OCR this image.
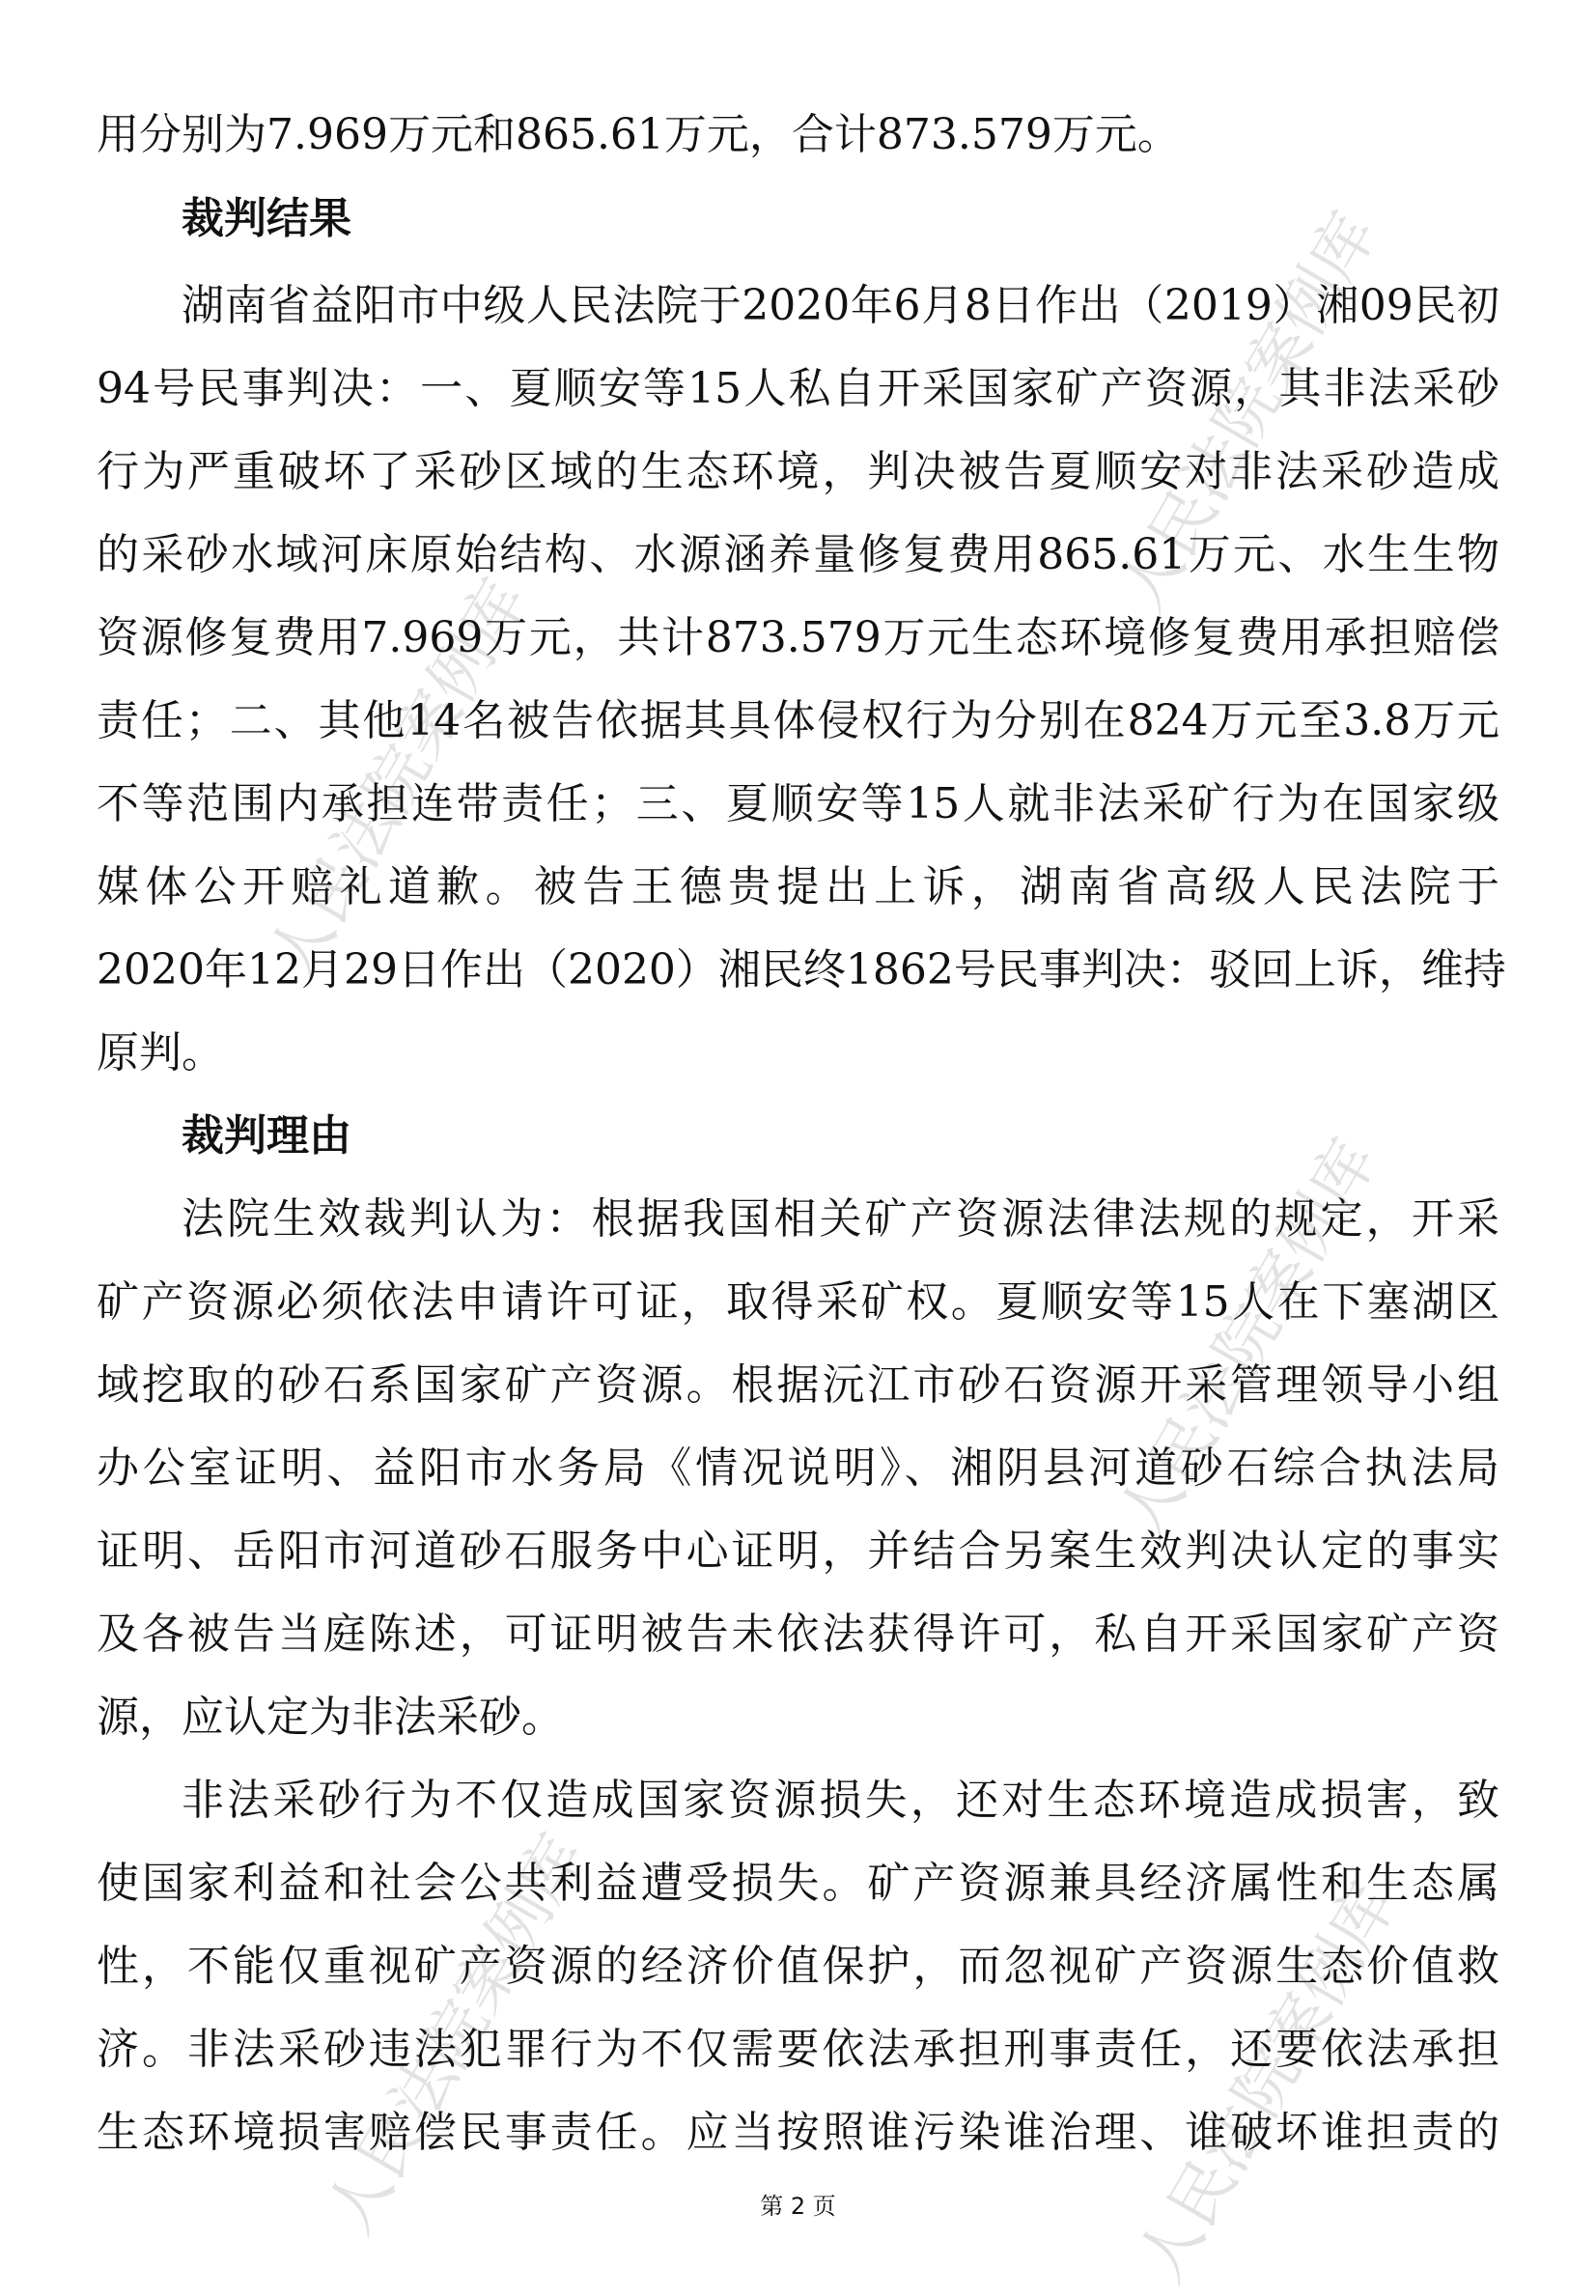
人民法院案例库
人民法院案例库
人民法院案例库
人民法院案例库	人民法院案例库
用分别为7.969万元和865.61万元，合计873.579万元。
裁判结果
湖南省益阳市中级人民法院于2020年6月8日作出（2019）湘09民初
94号民事判决：一、夏顺安等15人私自开采国家矿产资源，其非法采砂
行为严重破坏了采砂区域的生态环境，判决被告夏顺安对非法采砂造成
的采砂水域河床原始结构、水源涵养量修复费用865.61万元、水生生物
资源修复费用7.969万元，共计873.579万元生态环境修复费用承担赔偿
责任；二、其他14名被告依据其具体侵权行为分别在824万元至3.8万元
不等范围内承担连带责任；三、夏顺安等15人就非法采矿行为在国家级
媒体公开赔礼道歉。被告王德贵提出上诉，湖南省高级人民法院于
2020年12月29日作出（2020）湘民终1862号民事判决：驳回上诉，维持
原判。
裁判理由
法院生效裁判认为：根据我国相关矿产资源法律法规的规定，开采
矿产资源必须依法申请许可证，取得采矿权。夏顺安等15人在下塞湖区
域挖取的砂石系国家矿产资源。根据沅江市砂石资源开采管理领导小组
办公室证明、益阳市水务局《情况说明》、湘阴县河道砂石综合执法局
证明、岳阳市河道砂石服务中心证明，并结合另案生效判决认定的事实
及各被告当庭陈述，可证明被告未依法获得许可，私自开采国家矿产资
源，应认定为非法采砂。
非法采砂行为不仅造成国家资源损失，还对生态环境造成损害，致
使国家利益和社会公共利益遭受损失。矿产资源兼具经济属性和生态属
性，不能仅重视矿产资源的经济价值保护，而忽视矿产资源生态价值救
济。非法采砂违法犯罪行为不仅需要依法承担刑事责任，还要依法承担
生态环境损害赔偿民事责任。应当按照谁污染谁治理、谁破坏谁担责的
第 2 页
